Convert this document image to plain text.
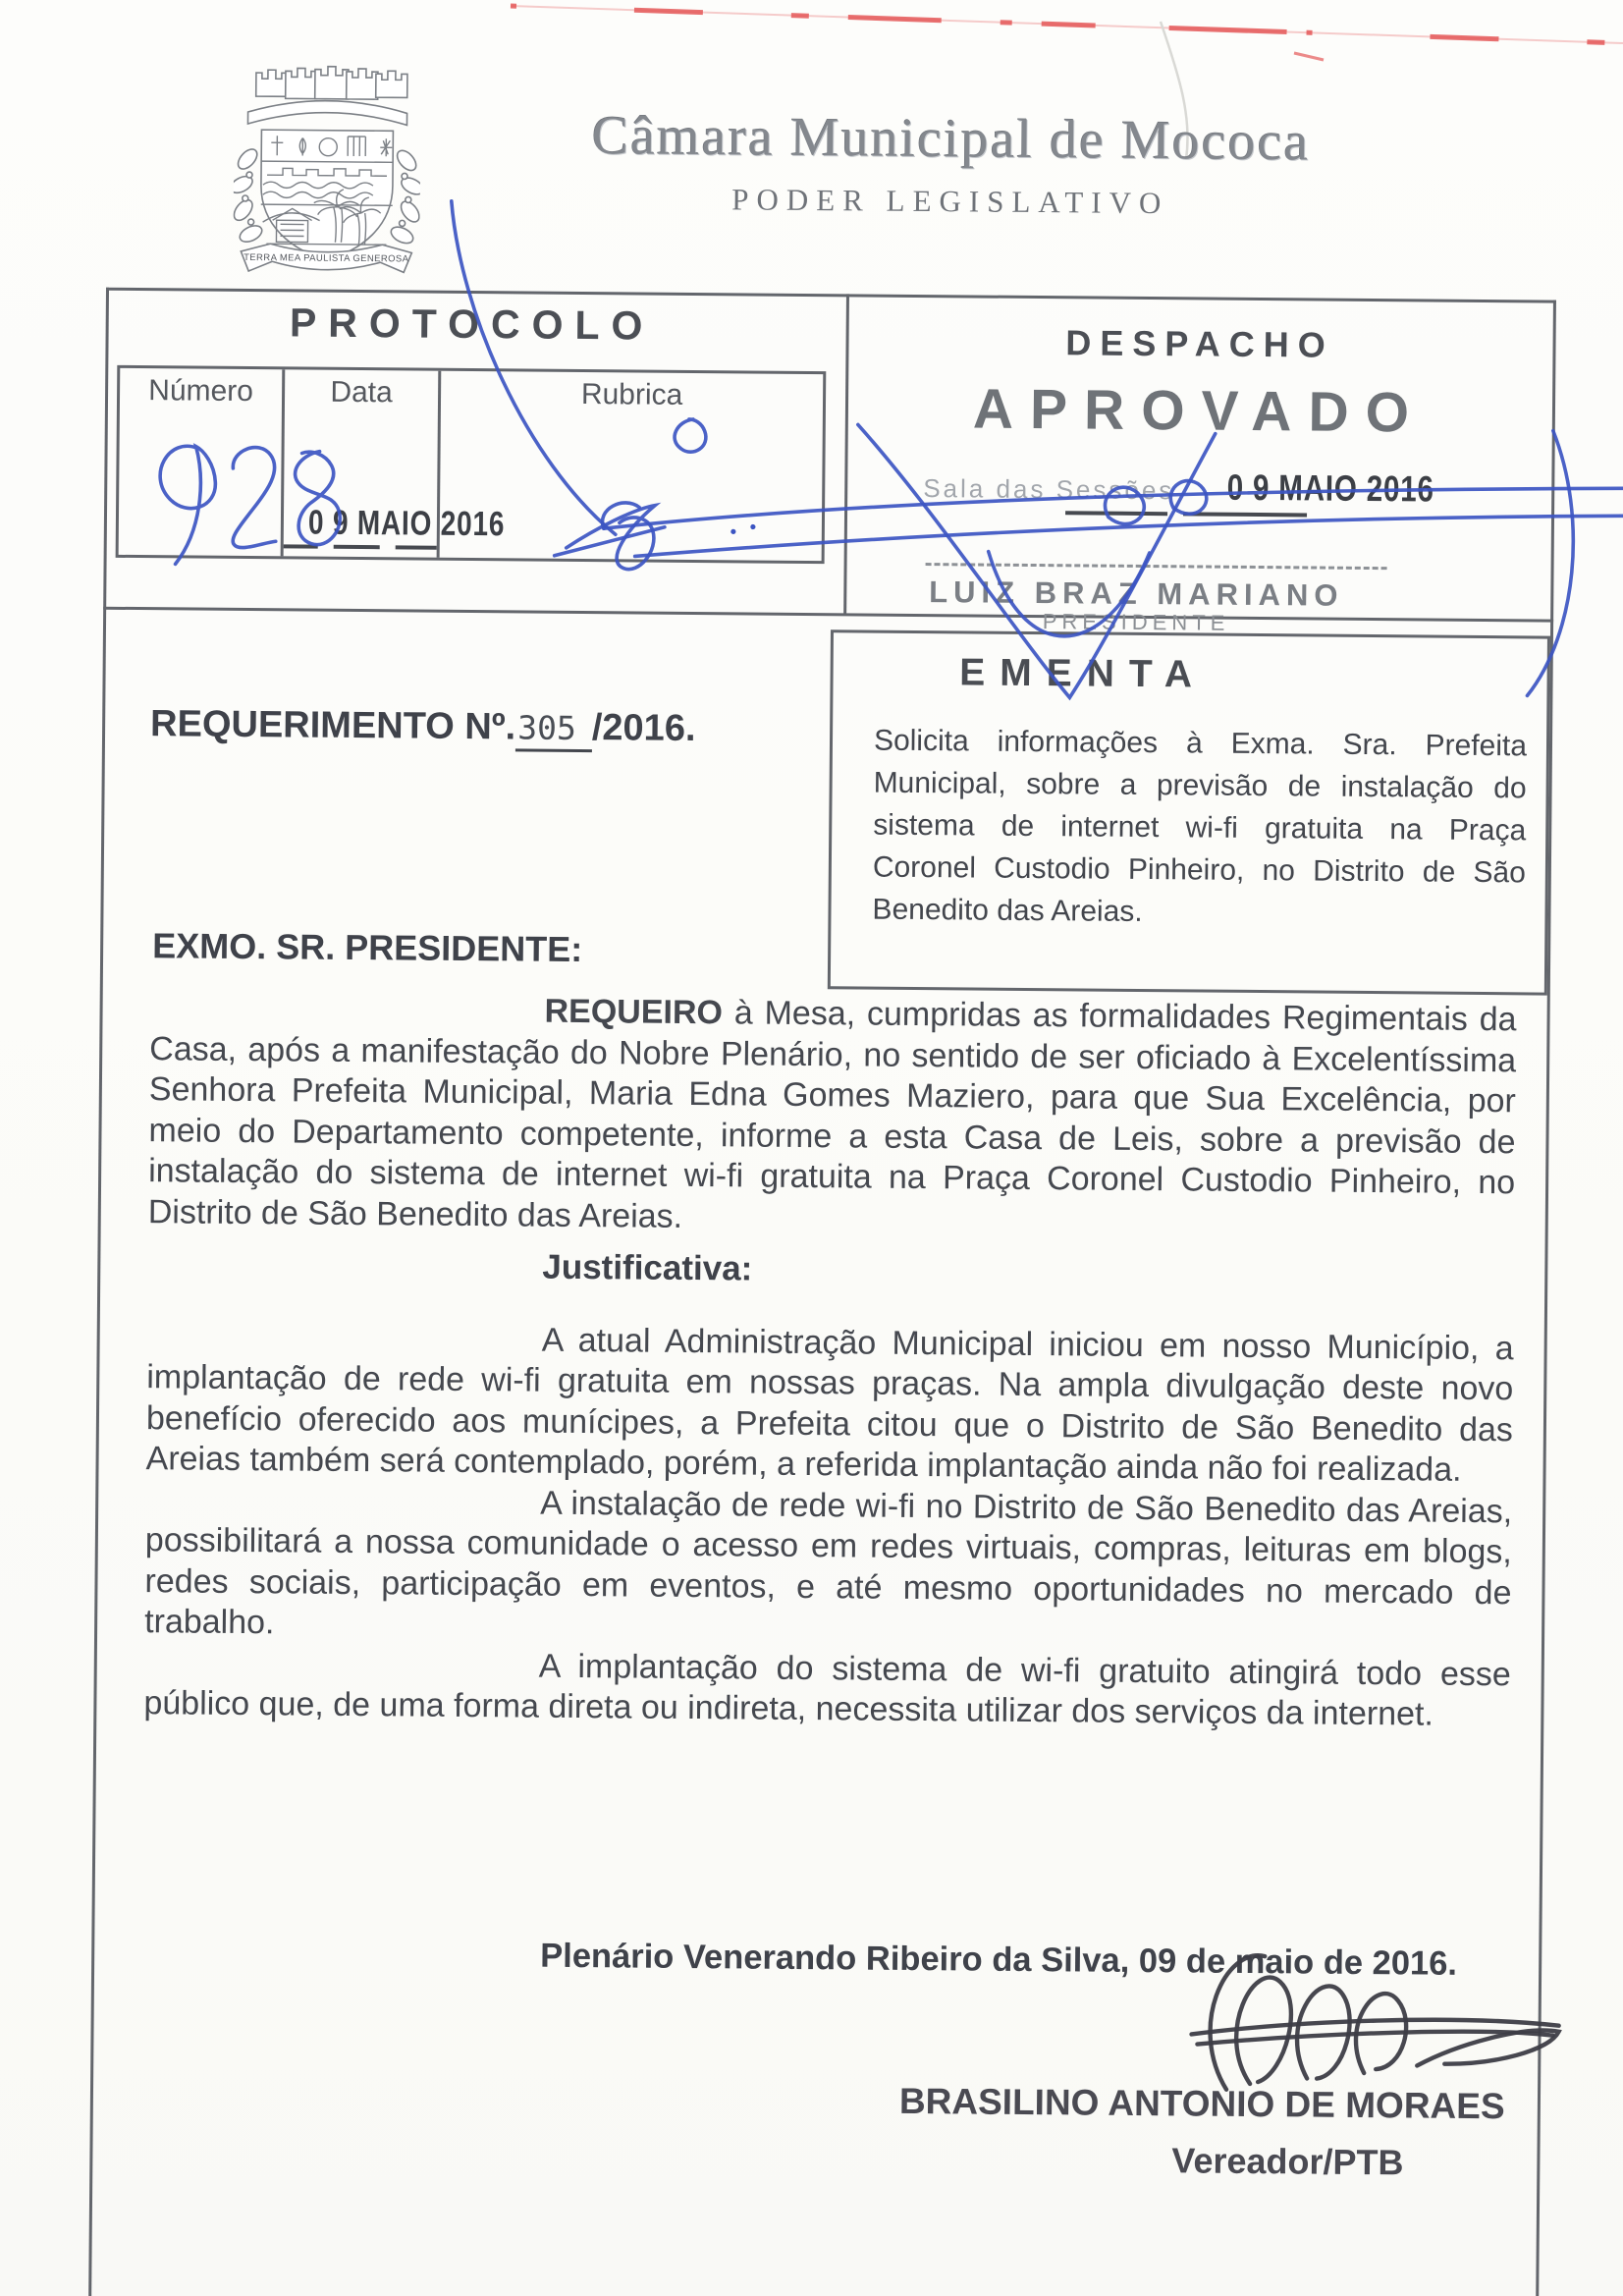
TERRA MEA PAULISTA GENEROSA
Câmara Municipal de Mococa
PODER LEGISLATIVO
PROTOCOLO
Número	Data
0 9 MAIO 2016
Rubrica
DESPACHO
APROVADO
Sala das Sessões 0 9 MAIO 2016
LUIZ BRAZ MARIANO
PRESIDENTE
EMENTA
Solicita informações à Exma. Sra. Prefeita Municipal, sobre a previsão de instalação do sistema de internet wi-fi gratuita na Praça Coronel Custodio Pinheiro, no Distrito de São Benedito das Areias.
REQUERIMENTO Nº.305 /2016.
EXMO. SR. PRESIDENTE:

REQUEIRO à Mesa, cumpridas as formalidades Regimentais da Casa, após a manifestação do Nobre Plenário, no sentido de ser oficiado à Excelentíssima Senhora Prefeita Municipal, Maria Edna Gomes Maziero, para que Sua Excelência, por meio do Departamento competente, informe a esta Casa de Leis, sobre a previsão de instalação do sistema de internet wi-fi gratuita na Praça Coronel Custodio Pinheiro, no Distrito de São Benedito das Areias.

Justificativa:

A atual Administração Municipal iniciou em nosso Município, a implantação de rede wi-fi gratuita em nossas praças. Na ampla divulgação deste novo benefício oferecido aos munícipes, a Prefeita citou que o Distrito de São Benedito das Areias também será contemplado, porém, a referida implantação ainda não foi realizada.

A instalação de rede wi-fi no Distrito de São Benedito das Areias, possibilitará a nossa comunidade o acesso em redes virtuais, compras, leituras em blogs, redes sociais, participação em eventos, e até mesmo oportunidades no mercado de trabalho.

A implantação do sistema de wi-fi gratuito atingirá todo esse público que, de uma forma direta ou indireta, necessita utilizar dos serviços da internet.

Plenário Venerando Ribeiro da Silva, 09 de maio de 2016.
BRASILINO ANTONIO DE MORAES
Vereador/PTB
